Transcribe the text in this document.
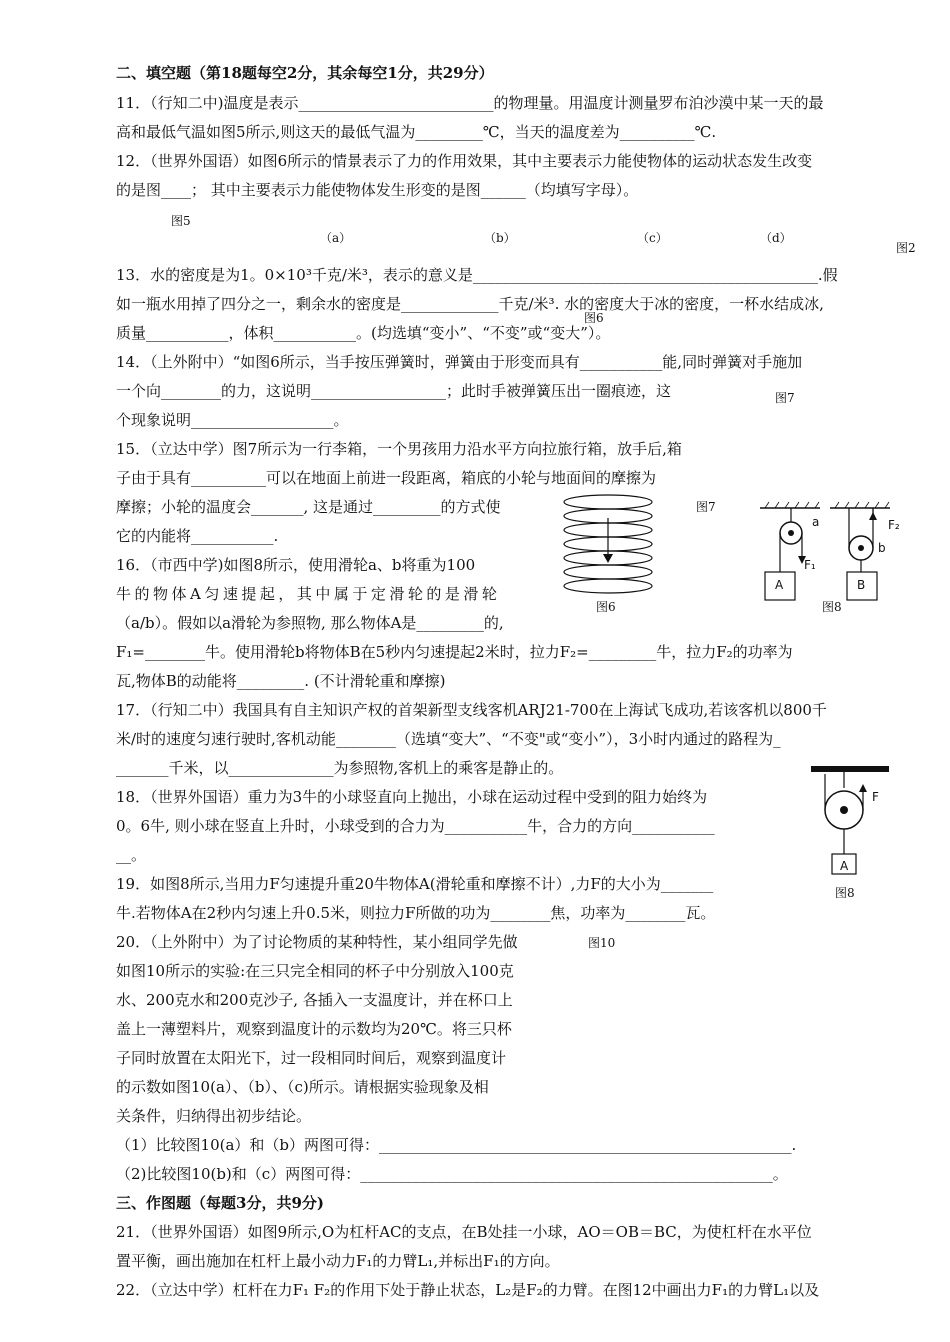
二、填空题（第18题每空2分，其余每空1分，共29分）
11．（行知二中)温度是表示__________________________的物理量。用温度计测量罗布泊沙漠中某一天的最
高和最低气温如图5所示,则这天的最低气温为_________℃，当天的温度差为__________℃.
12．（世界外国语）如图6所示的情景表示了力的作用效果，其中主要表示力能使物体的运动状态发生改变
的是图____； 其中主要表示力能使物体发生形变的是图______（均填写字母）。
图5
（a）	（b）	（c）	（d）
图2
13．水的密度是为1。0×10³千克/米³，表示的意义是______________________________________________.假
如一瓶水用掉了四分之一，剩余水的密度是_____________千克/米³. 水的密度大于冰的密度，一杯水结成冰,
图6
质量___________，体积___________。(均选填“变小”、“不变”或“变大”）。
14．（上外附中）“如图6所示，当手按压弹簧时，弹簧由于形变而具有___________能,同时弹簧对手施加
一个向________的力，这说明__________________；此时手被弹簧压出一圈痕迹，这	图7
个现象说明___________________。
15．（立达中学）图7所示为一行李箱，一个男孩用力沿水平方向拉旅行箱，放手后,箱
子由于具有__________可以在地面上前进一段距离，箱底的小轮与地面间的摩擦为
摩擦；小轮的温度会_______, 这是通过_________的方式使
它的内能将___________.
16．（市西中学)如图8所示，使用滑轮a、b将重为100
牛的物体A匀速提起，其中属于定滑轮的是滑轮
（a/b）。假如以a滑轮为参照物, 那么物体A是_________的,
F₁=________牛。使用滑轮b将物体B在5秒内匀速提起2米时，拉力F₂=_________牛，拉力F₂的功率为
瓦,物体B的动能将_________. (不计滑轮重和摩擦)
17．（行知二中）我国具有自主知识产权的首架新型支线客机ARJ21-700在上海试飞成功,若该客机以800千
米/时的速度匀速行驶时,客机动能________（选填“变大”、“不变"或“变小”），3小时内通过的路程为_
_______千米，以______________为参照物,客机上的乘客是静止的。
18．（世界外国语）重力为3牛的小球竖直向上抛出，小球在运动过程中受到的阻力始终为
0。6牛, 则小球在竖直上升时，小球受到的合力为___________牛，合力的方向___________
__。
19．如图8所示,当用力F匀速提升重20牛物体A(滑轮重和摩擦不计）,力F的大小为_______
牛.若物体A在2秒内匀速上升0.5米，则拉力F所做的功为________焦，功率为________瓦。
20．（上外附中）为了讨论物质的某种特性，某小组同学先做	图10
如图10所示的实验:在三只完全相同的杯子中分别放入100克
水、200克水和200克沙子, 各插入一支温度计，并在杯口上
盖上一薄塑料片，观察到温度计的示数均为20℃。将三只杯
子同时放置在太阳光下，过一段相同时间后，观察到温度计
的示数如图10(a）、（b）、（c)所示。请根据实验现象及相
关条件，归纳得出初步结论。
（1）比较图10(a）和（b）两图可得：_______________________________________________________.
（2)比较图10(b)和（c）两图可得：_______________________________________________________。
三、作图题（每题3分，共9分)
21．（世界外国语）如图9所示,O为杠杆AC的支点，在B处挂一小球，AO＝OB＝BC，为使杠杆在水平位
置平衡，画出施加在杠杆上最小动力F₁的力臂L₁,并标出F₁的方向。
22．（立达中学）杠杆在力F₁ F₂的作用下处于静止状态，L₂是F₂的力臂。在图12中画出力F₁的力臂L₁以及
图6
图7
a
b
F₁
F₂
A	B
图8
F
A
图8
